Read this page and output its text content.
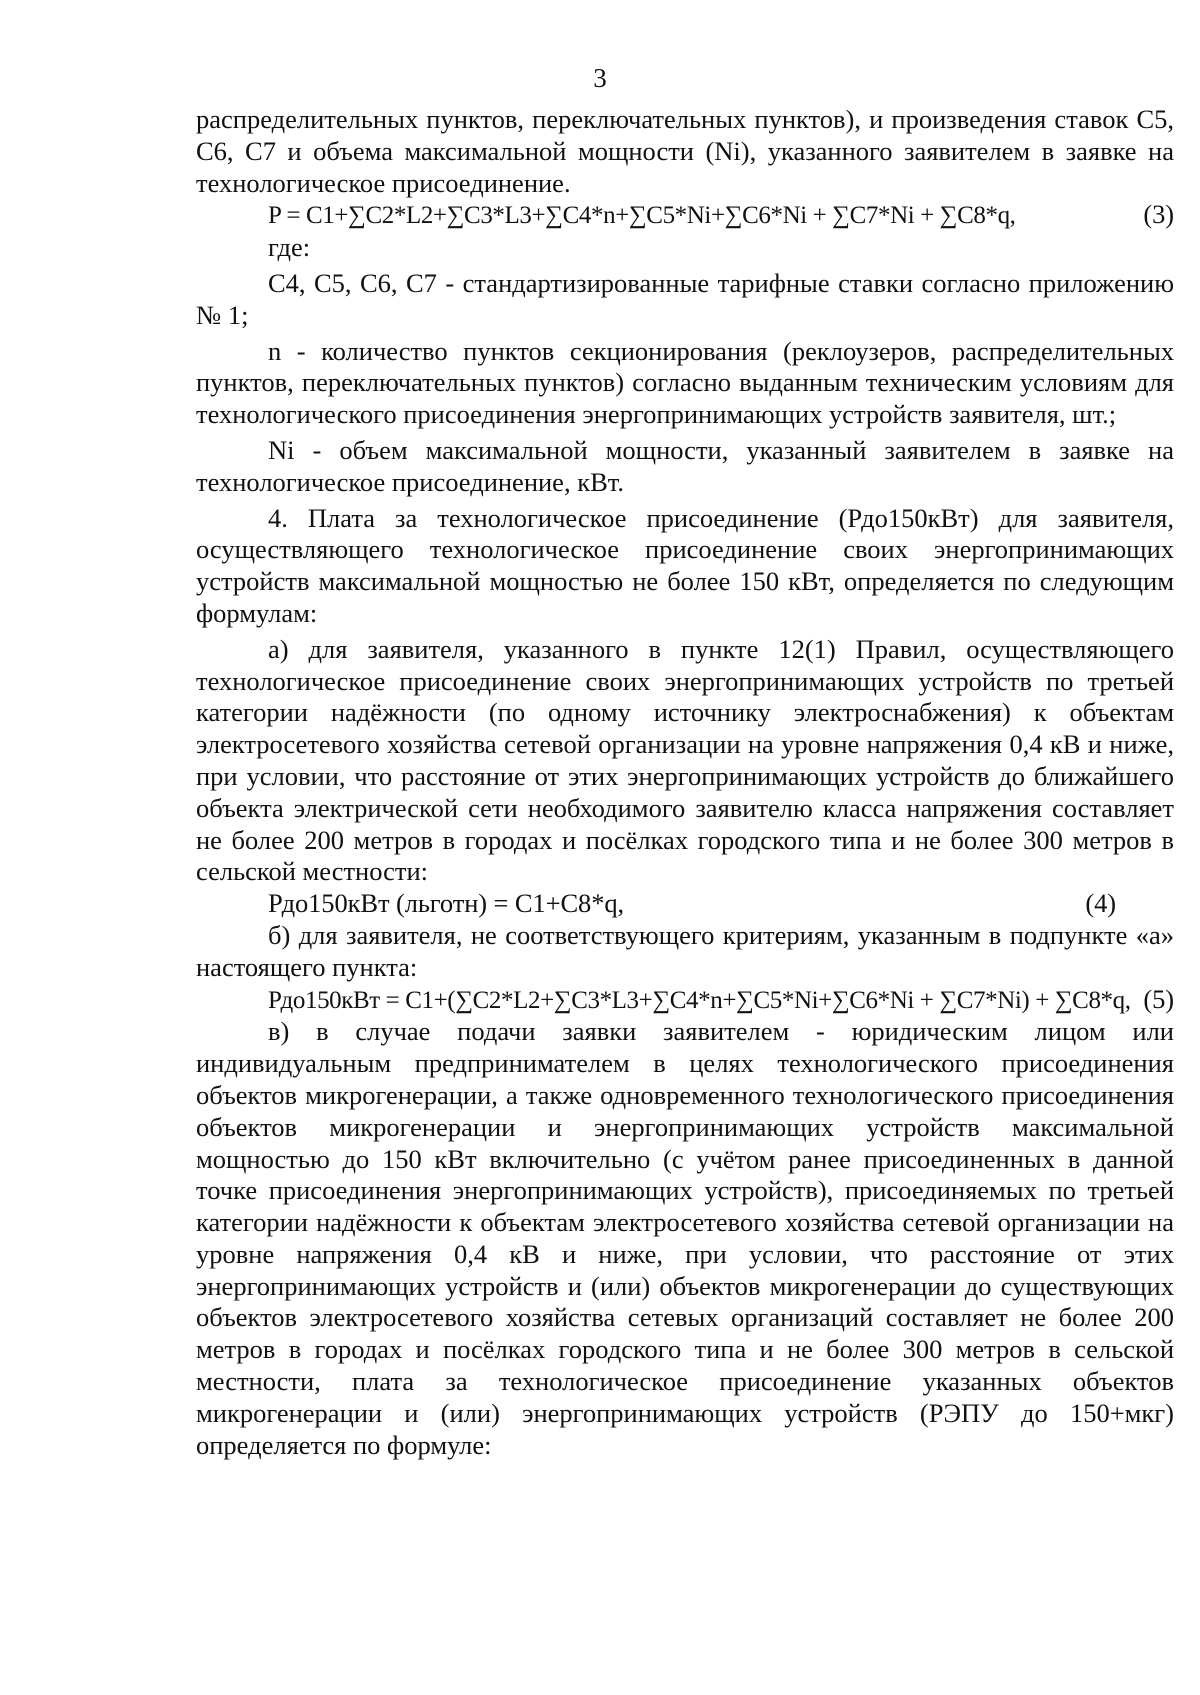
3

распределительных пунктов, переключательных пунктов), и произведения ставок С5, С6, С7 и объема максимальной мощности (Ni), указанного заявителем в заявке на технологическое присоединение.

P = C1+∑C2*L2+∑C3*L3+∑C4*n+∑C5*Ni+∑C6*Ni + ∑C7*Ni + ∑C8*q,	(3)

где:

С4, С5, С6, С7 - стандартизированные тарифные ставки согласно приложению № 1;

n - количество пунктов секционирования (реклоузеров, распределительных пунктов, переключательных пунктов) согласно выданным техническим условиям для технологического присоединения энергопринимающих устройств заявителя, шт.;

Ni - объем максимальной мощности, указанный заявителем в заявке на технологическое присоединение, кВт.

4. Плата за технологическое присоединение (Рдо150кВт) для заявителя, осуществляющего технологическое присоединение своих энергопринимающих устройств максимальной мощностью не более 150 кВт, определяется по следующим формулам:

а) для заявителя, указанного в пункте 12(1) Правил, осуществляющего технологическое присоединение своих энергопринимающих устройств по третьей категории надёжности (по одному источнику электроснабжения) к объектам электросетевого хозяйства сетевой организации на уровне напряжения 0,4 кВ и ниже, при условии, что расстояние от этих энергопринимающих устройств до ближайшего объекта электрической сети необходимого заявителю класса напряжения составляет не более 200 метров в городах и посёлках городского типа и не более 300 метров в сельской местности:

Рдо150кВт (льготн) = C1+C8*q,	(4)

б) для заявителя, не соответствующего критериям, указанным в подпункте «а» настоящего пункта:

Рдо150кВт = C1+(∑C2*L2+∑C3*L3+∑C4*n+∑C5*Ni+∑C6*Ni + ∑C7*Ni) + ∑C8*q, (5)

в) в случае подачи заявки заявителем - юридическим лицом или индивидуальным предпринимателем в целях технологического присоединения объектов микрогенерации, а также одновременного технологического присоединения объектов микрогенерации и энергопринимающих устройств максимальной мощностью до 150 кВт включительно (с учётом ранее присоединенных в данной точке присоединения энергопринимающих устройств), присоединяемых по третьей категории надёжности к объектам электросетевого хозяйства сетевой организации на уровне напряжения 0,4 кВ и ниже, при условии, что расстояние от этих энергопринимающих устройств и (или) объектов микрогенерации до существующих объектов электросетевого хозяйства сетевых организаций составляет не более 200 метров в городах и посёлках городского типа и не более 300 метров в сельской местности, плата за технологическое присоединение указанных объектов микрогенерации и (или) энергопринимающих устройств (РЭПУ до 150+мкг) определяется по формуле:
